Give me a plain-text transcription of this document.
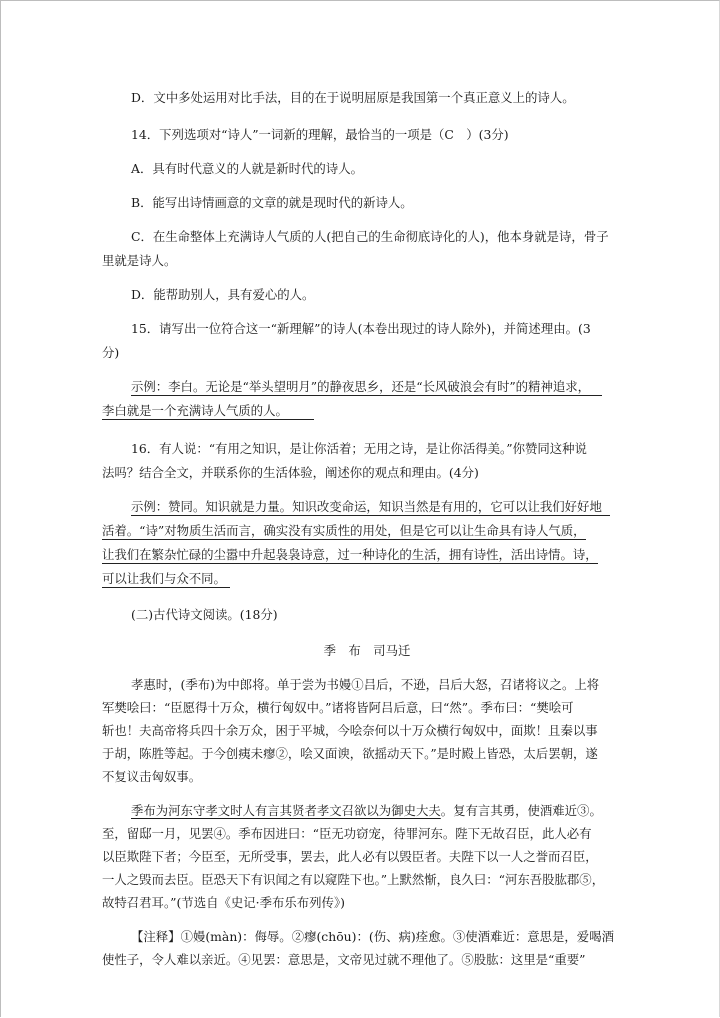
D．文中多处运用对比手法，目的在于说明屈原是我国第一个真正意义上的诗人。

14．下列选项对“诗人”一词新的理解，最恰当的一项是（C　）(3分)

A．具有时代意义的人就是新时代的诗人。

B．能写出诗情画意的文章的就是现时代的新诗人。

C．在生命整体上充满诗人气质的人(把自己的生命彻底诗化的人)，他本身就是诗，骨子

里就是诗人。

D．能帮助别人，具有爱心的人。

15．请写出一位符合这一“新理解”的诗人(本卷出现过的诗人除外)，并简述理由。(3

分)

示例：李白。无论是“举头望明月”的静夜思乡，还是“长风破浪会有时”的精神追求，

李白就是一个充满诗人气质的人。

16．有人说：“有用之知识，是让你活着；无用之诗，是让你活得美。”你赞同这种说

法吗？结合全文，并联系你的生活体验，阐述你的观点和理由。(4分)

示例：赞同。知识就是力量。知识改变命运，知识当然是有用的，它可以让我们好好地

活着。“诗”对物质生活而言，确实没有实质性的用处，但是它可以让生命具有诗人气质，

让我们在繁杂忙碌的尘嚣中升起袅袅诗意，过一种诗化的生活，拥有诗性，活出诗情。诗，

可以让我们与众不同。

(二)古代诗文阅读。(18分)

季　布　司马迁

孝惠时，(季布)为中郎将。单于尝为书嫚①吕后，不逊，吕后大怒，召诸将议之。上将

军樊哙曰：“臣愿得十万众，横行匈奴中。”诸将皆阿吕后意，曰“然”。季布曰：“樊哙可

斩也！夫高帝将兵四十余万众，困于平城，今哙奈何以十万众横行匈奴中，面欺！且秦以事

于胡，陈胜等起。于今创痍未瘳②，哙又面谀，欲摇动天下。”是时殿上皆恐，太后罢朝，遂

不复议击匈奴事。

季布为河东守孝文时人有言其贤者孝文召欲以为御史大夫。复有言其勇，使酒难近③。

至，留邸一月，见罢④。季布因进曰：“臣无功窃宠，待罪河东。陛下无故召臣，此人必有

以臣欺陛下者；今臣至，无所受事，罢去，此人必有以毁臣者。夫陛下以一人之誉而召臣，

一人之毁而去臣。臣恐天下有识闻之有以窥陛下也。”上默然惭，良久曰：“河东吾股肱郡⑤，

故特召君耳。”(节选自《史记·季布乐布列传》)

【注释】①嫚(màn)：侮辱。②瘳(chōu)：(伤、病)痊愈。③使酒难近：意思是，爱喝酒

使性子，令人难以亲近。④见罢：意思是，文帝见过就不理他了。⑤股肱：这里是“重要”
